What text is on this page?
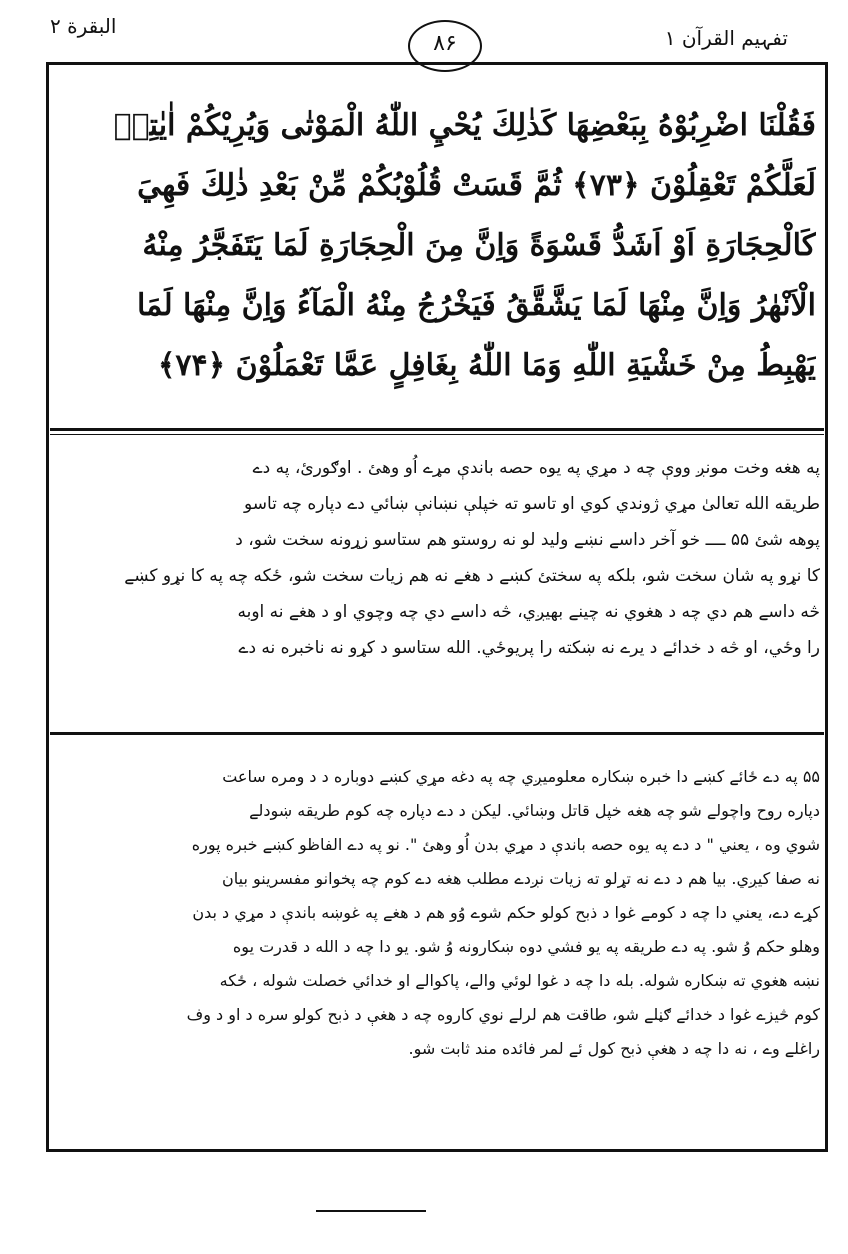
البقرة ۲
۸۶	تفہیم القرآن ۱
فَقُلْنَا اضْرِبُوْهُ بِبَعْضِهَا كَذٰلِكَ يُحْيِ اللّٰهُ الْمَوْتٰى وَيُرِيْكُمْ اٰيٰتِهٖ
لَعَلَّكُمْ تَعْقِلُوْنَ ﴿۷۳﴾ ثُمَّ قَسَتْ قُلُوْبُكُمْ مِّنْ بَعْدِ ذٰلِكَ فَهِيَ
كَالْحِجَارَةِ اَوْ اَشَدُّ قَسْوَةً وَاِنَّ مِنَ الْحِجَارَةِ لَمَا يَتَفَجَّرُ مِنْهُ
الْاَنْهٰرُ وَاِنَّ مِنْهَا لَمَا يَشَّقَّقُ فَيَخْرُجُ مِنْهُ الْمَآءُ وَاِنَّ مِنْهَا لَمَا
يَهْبِطُ مِنْ خَشْيَةِ اللّٰهِ وَمَا اللّٰهُ بِغَافِلٍ عَمَّا تَعْمَلُوْنَ ﴿۷۴﴾
په هغه وخت مونږ ووې چه د مړي په يوه حصه باندې مړے اُو وهئ . اوګورئ، په دے
طريقه الله تعالىٰ مړي ژوندي کوي او تاسو ته خپلې نښانې ښائي دے دپاره چه تاسو
پوهه شئ ۵۵ ــــ خو آخر داسے نښے وليد لو نه روستو هم ستاسو زړونه سخت شو، د
کا نړو په شان سخت شو، بلکه په سختئ کښے د هغے نه هم زيات سخت شو، ځکه چه په کا نړو کښے
څه داسے هم دي چه د هغوي نه چينے بهيږي، څه داسے دي چه وچوي او د هغے نه اوبه
را وځي، او څه د خدائے د يرے نه ښکته را پريوځي. الله ستاسو د کړو نه ناخبره نه دے
۵۵ په دے ځائے کښے دا خبره ښکاره معلوميږي چه په دغه مړي کښے دوباره د د ومره ساعت
دپاره روح واچولے شو چه هغه خپل قاتل وښائي. ليکن د دے دپاره چه کوم طريقه ښودلے
شوي وه ، يعني " د دے په يوه حصه باندې د مړي بدن اُو وهئ ". نو په دے الفاظو کښے خبره پوره
نه صفا کيږي. بيا هم د دے نه تړلو ته زيات نږدے مطلب هغه دے کوم چه پخوانو مفسرينو بيان
کړے دے، يعني دا چه د کومے غوا د ذبح کولو حکم شوے وُو هم د هغے په غوښه باندې د مړي د بدن
وهلو حکم وُ شو. په دے طريقه په يو فشي دوه ښکارونه وُ شو. يو دا چه د الله د قدرت يوه
نښه هغوي ته ښکاره شوله. بله دا چه د غوا لوئي والے، پاکوالے او خدائي خصلت شوله ، ځکه
کوم څيزے غوا د خدائے ګڼلے شو، طاقت هم لرلے نوي کاروه چه د هغې د ذبح کولو سره د او د وف
راغلے وے ، نه دا چه د هغې ذبح کول ئے لمر فائده مند ثابت شو.
